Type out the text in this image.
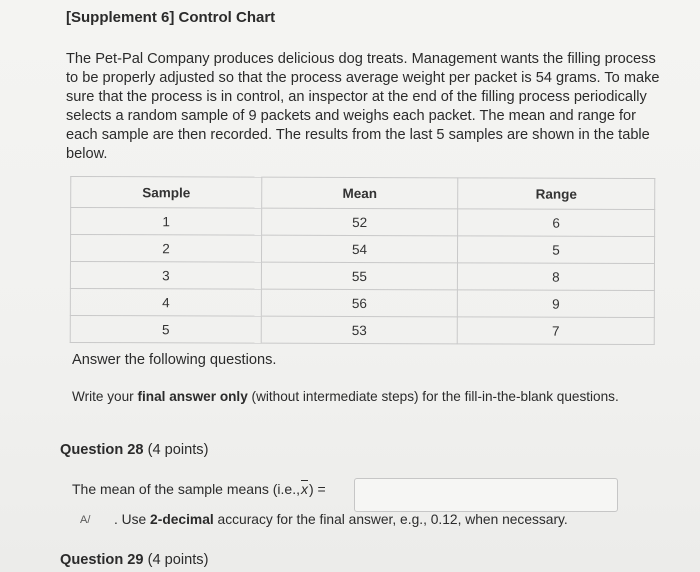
[Supplement 6] Control Chart
The Pet-Pal Company produces delicious dog treats. Management wants the filling process to be properly adjusted so that the process average weight per packet is 54 grams. To make sure that the process is in control, an inspector at the end of the filling process periodically selects a random sample of 9 packets and weighs each packet. The mean and range for each sample are then recorded. The results from the last 5 samples are shown in the table below.
Sample	Mean	Range
1	52	6
2	54	5
3	55	8
4	56	9
5	53	7
Answer the following questions.
Write your final answer only (without intermediate steps) for the fill-in-the-blank questions.
Question 28 (4 points)
The mean of the sample means (i.e., $\overline{x}$ ) =
A/	. Use
2-decimal
accuracy for the final answer, e.g., 0.12, when necessary.
Question 29 (4 points)
